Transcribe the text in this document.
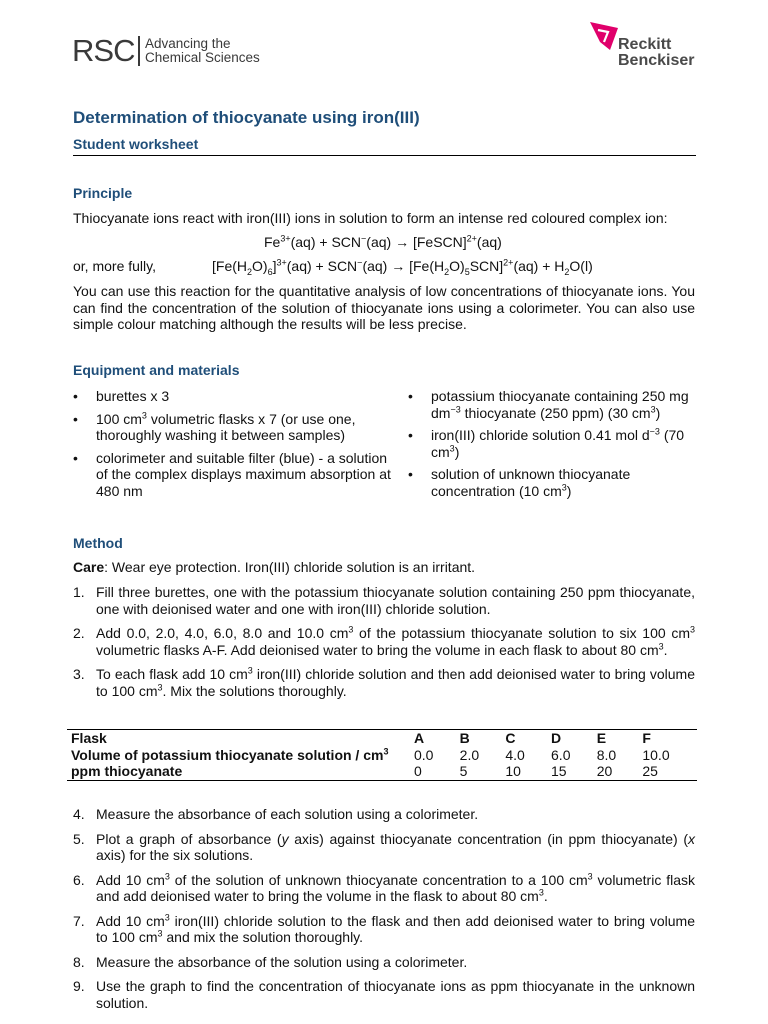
RSC Advancing the
Chemical Sciences
Reckitt
Benckiser
Determination of thiocyanate using iron(III)
Student worksheet
Principle
Thiocyanate ions react with iron(III) ions in solution to form an intense red coloured complex ion:
$Fe^{3+}(aq) + SCN^-(aq)$ → [FeSCN]$^{2+}$(aq)
or, more fully,	$[Fe(H_2O)_6]^{3+}(aq) + SCN^-(aq) \to [Fe(H_2O)_5SCN]^{2+}(aq) + H_2O(l)$
You can use this reaction for the quantitative analysis of low concentrations of thiocyanate ions. You can find the concentration of the solution of thiocyanate ions using a colorimeter. You can also use simple colour matching although the results will be less precise.
Equipment and materials
• burettes x 3
• 100 $cm^3$ volumetric flasks x 7 (or use one, thoroughly washing it between samples)
• colorimeter and suitable filter (blue) - a solution of the complex displays maximum absorption at 480 nm
• potassium thiocyanate containing 250 mg $dm^{-3}$ thiocyanate (250 ppm) (30 $cm^3$)
• iron(III) chloride solution 0.41 mol $d^{-3}$ (70 $cm^3$)
• solution of unknown thiocyanate concentration (10 $cm^3$)
Method
Care: Wear eye protection. Iron(III) chloride solution is an irritant.
1. Fill three burettes, one with the potassium thiocyanate solution containing 250 ppm thiocyanate, one with deionised water and one with iron(III) chloride solution.
2. Add 0.0, 2.0, 4.0, 6.0, 8.0 and 10.0 $cm^3$ of the potassium thiocyanate solution to six 100 $cm^3$ volumetric flasks A-F. Add deionised water to bring the volume in each flask to about 80 $cm^3$.
3. To each flask add 10 $cm^3$ iron(III) chloride solution and then add deionised water to bring volume to 100 $cm^3$. Mix the solutions thoroughly.
Flask	A	B	C	D	E	F
Volume of potassium thiocyanate solution / $cm^3$	0.0	2.0	4.0	6.0	8.0	10.0
ppm thiocyanate	0	5	10	15	20	25
4. Measure the absorbance of each solution using a colorimeter.
5. Plot a graph of absorbance (y axis) against thiocyanate concentration (in ppm thiocyanate) (x axis) for the six solutions.
6. Add 10 $cm^3$ of the solution of unknown thiocyanate concentration to a 100 $cm^3$ volumetric flask and add deionised water to bring the volume in the flask to about 80 $cm^3$.
7. Add 10 $cm^3$ iron(III) chloride solution to the flask and then add deionised water to bring volume to 100 $cm^3$ and mix the solution thoroughly.
8. Measure the absorbance of the solution using a colorimeter.
9. Use the graph to find the concentration of thiocyanate ions as ppm thiocyanate in the unknown solution.
